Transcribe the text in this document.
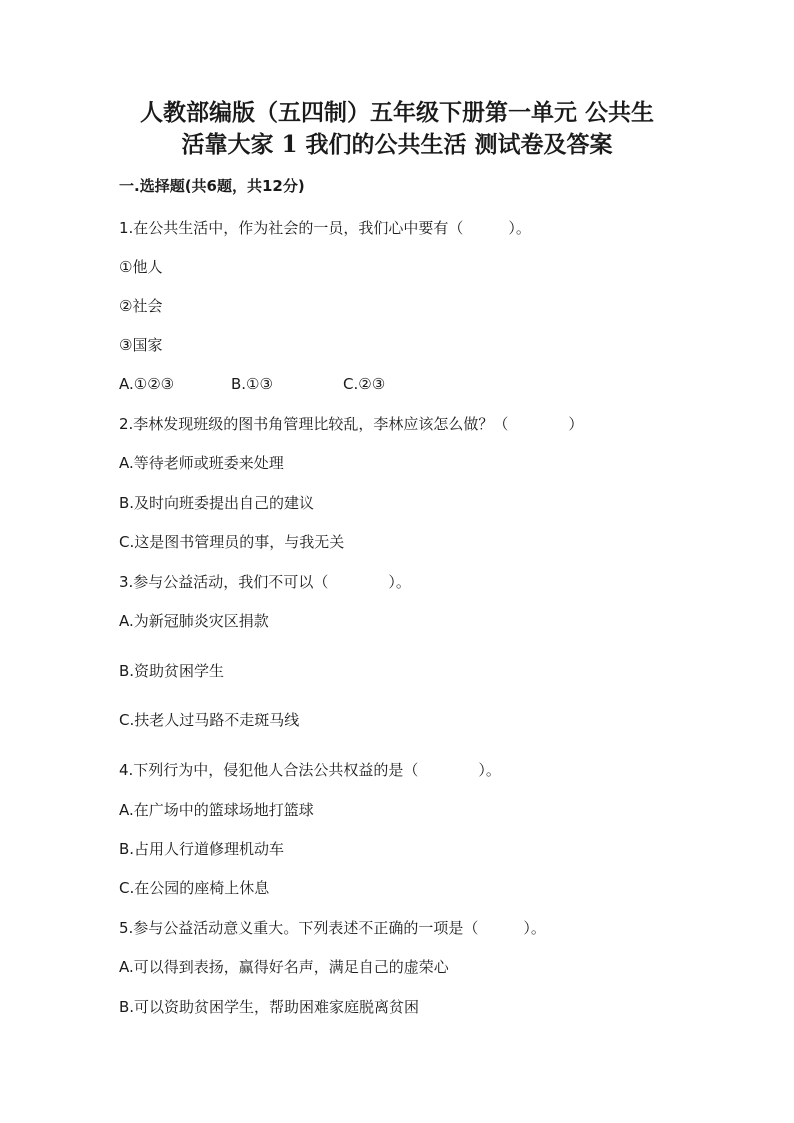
人教部编版（五四制）五年级下册第一单元 公共生
活靠大家 1 我们的公共生活 测试卷及答案
一.选择题(共6题，共12分)
1.在公共生活中，作为社会的一员，我们心中要有（　　　）。
①他人
②社会
③国家
A.①②③	B.①③	C.②③
2.李林发现班级的图书角管理比较乱，李林应该怎么做？（　　　　）
A.等待老师或班委来处理
B.及时向班委提出自己的建议
C.这是图书管理员的事，与我无关
3.参与公益活动，我们不可以（　　　　）。
A.为新冠肺炎灾区捐款
B.资助贫困学生
C.扶老人过马路不走斑马线
4.下列行为中，侵犯他人合法公共权益的是（　　　　）。
A.在广场中的篮球场地打篮球
B.占用人行道修理机动车
C.在公园的座椅上休息
5.参与公益活动意义重大。下列表述不正确的一项是（　　　）。
A.可以得到表扬，赢得好名声，满足自己的虚荣心
B.可以资助贫困学生，帮助困难家庭脱离贫困
